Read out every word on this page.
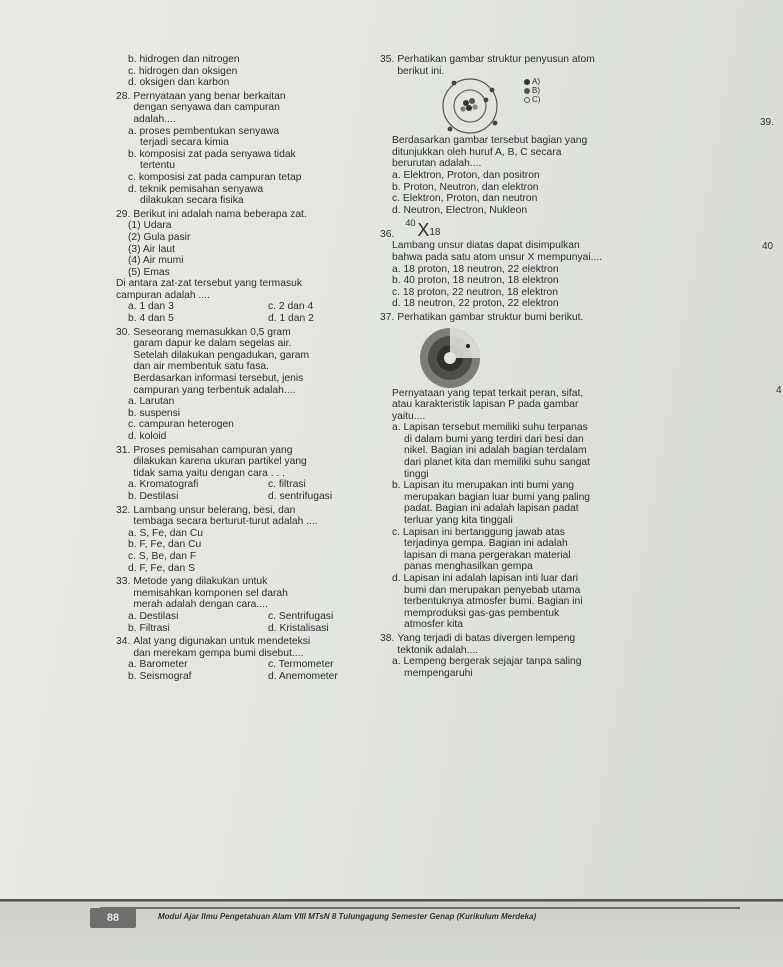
b. hidrogen dan nitrogen
c. hidrogen dan oksigen
d. oksigen dan karbon
28. Pernyataan yang benar berkaitan
dengan senyawa dan campuran
adalah....
a. proses pembentukan senyawa
terjadi secara kimia
b. komposisi zat pada senyawa tidak
tertentu
c. komposisi zat pada campuran tetap
d. teknik pemisahan senyawa
dilakukan secara fisika
29. Berikut ini adalah nama beberapa zat.
(1) Udara
(2) Gula pasir
(3) Air laut
(4) Air mumi
(5) Emas
Di antara zat-zat tersebut yang termasuk
campuran adalah ....
a. 1 dan 3	c. 2 dan 4
b. 4 dan 5	d. 1 dan 2
30. Seseorang memasukkan 0,5 gram
garam dapur ke dalam segelas air.
Setelah dilakukan pengadukan, garam
dan air membentuk satu fasa.
Berdasarkan informasi tersebut, jenis
campuran yang terbentuk adalah....
a. Larutan
b. suspensi
c. campuran heterogen
d. koloid
31. Proses pemisahan campuran yang
dilakukan karena ukuran partikel yang
tidak sama yaitu dengan cara . . .
a. Kromatografi	c. filtrasi
b. Destilasi	d. sentrifugasi
32. Lambang unsur belerang, besi, dan
tembaga secara berturut-turut adalah ....
a. S, Fe, dan Cu
b. F, Fe, dan Cu
c. S, Be, dan F
d. F, Fe, dan S
33. Metode yang dilakukan untuk
memisahkan komponen sel darah
merah adalah dengan cara....
a. Destilasi	c. Sentrifugasi
b. Filtrasi	d. Kristalisasi
34. Alat yang digunakan untuk mendeteksi
dan merekam gempa bumi disebut....
a. Barometer	c. Termometer
b. Seismograf	d. Anemometer
35. Perhatikan gambar struktur penyusun atom
berikut ini.
A)
B)
C)
Berdasarkan gambar tersebut bagian yang
ditunjukkan oleh huruf A, B, C secara
berurutan adalah....
a. Elektron, Proton, dan positron
b. Proton, Neutron, dan elektron
c. Elektron, Proton, dan neutron
d. Neutron, Electron, Nukleon
36.
40 X 18
Lambang unsur diatas dapat disimpulkan
bahwa pada satu atom unsur X mempunyai....
a. 18 proton, 18 neutron, 22 elektron
b. 40 proton, 18 neutron, 18 elektron
c. 18 proton, 22 neutron, 18 elektron
d. 18 neutron, 22 proton, 22 elektron
37. Perhatikan gambar struktur bumi berikut.
Pernyataan yang tepat terkait peran, sifat,
atau karakteristik lapisan P pada gambar
yaitu....
a. Lapisan tersebut memiliki suhu terpanas
di dalam bumi yang terdiri dari besi dan
nikel. Bagian ini adalah bagian terdalam
dari planet kita dan memiliki suhu sangat
tinggi
b. Lapisan itu merupakan inti bumi yang
merupakan bagian luar bumi yang paling
padat. Bagian ini adalah lapisan padat
terluar yang kita tinggali
c. Lapisan ini bertanggung jawab atas
terjadinya gempa. Bagian ini adalah
lapisan di mana pergerakan material
panas menghasilkan gempa
d. Lapisan ini adalah lapisan inti luar dari
bumi dan merupakan penyebab utama
terbentuknya atmosfer bumi. Bagian ini
memproduksi gas-gas pembentuk
atmosfer kita
38. Yang terjadi di batas divergen lempeng
tektonik adalah....
a. Lempeng bergerak sejajar tanpa saling
mempengaruhi
39.
40
4
88	Modul Ajar Ilmu Pengetahuan Alam VIII MTsN 8 Tulungagung Semester Genap (Kurikulum Merdeka)
